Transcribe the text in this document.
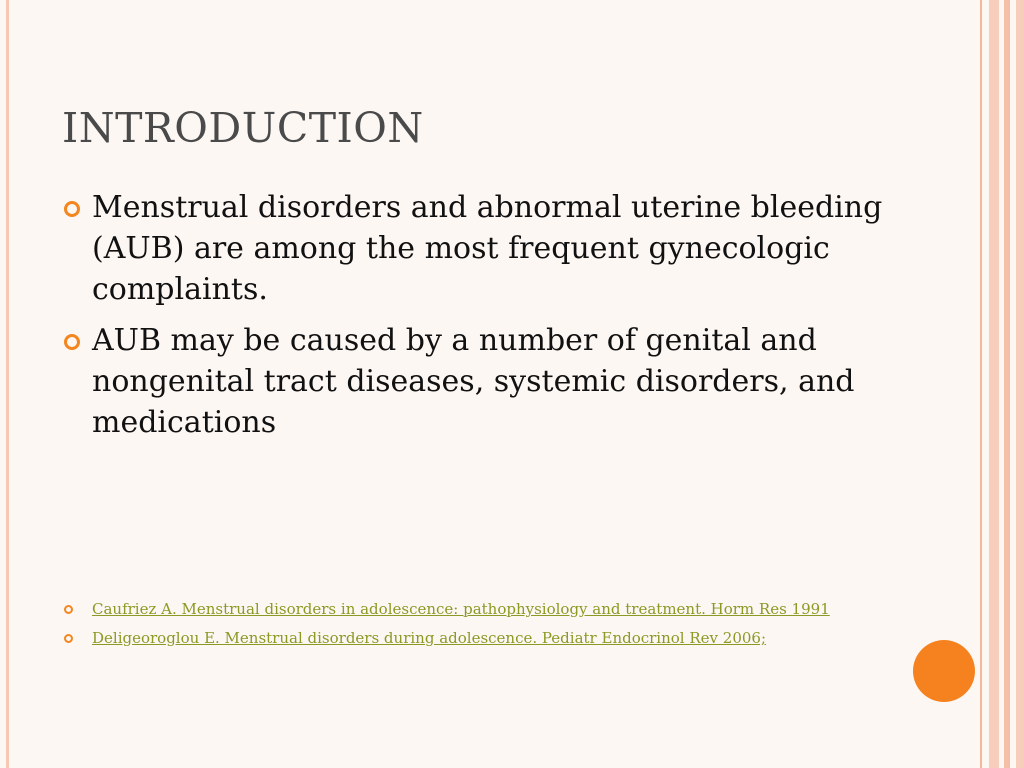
INTRODUCTION
Menstrual disorders and abnormal uterine bleeding (AUB) are among the most frequent gynecologic complaints.
AUB may be caused by a number of genital and nongenital tract diseases, systemic disorders, and medications
Caufriez A. Menstrual disorders in adolescence: pathophysiology and treatment. Horm Res 1991
Deligeoroglou E. Menstrual disorders during adolescence. Pediatr Endocrinol Rev 2006;
